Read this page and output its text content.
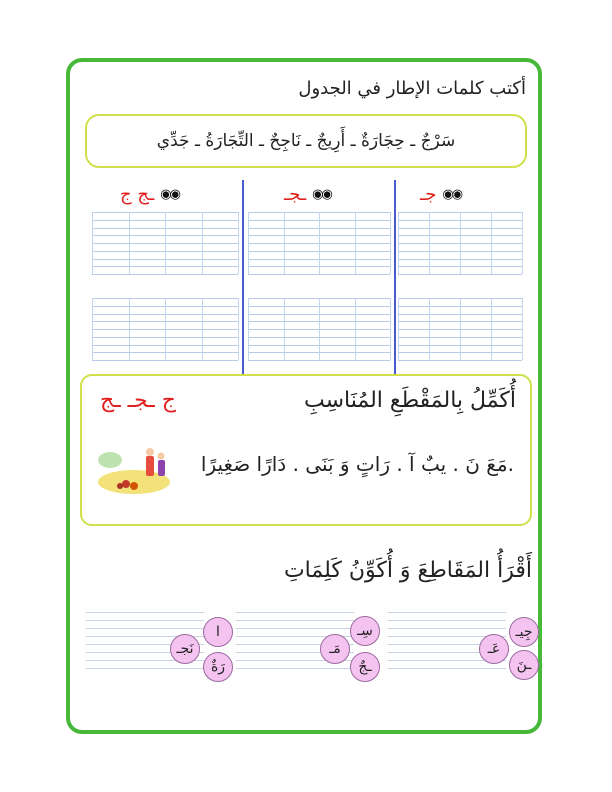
أكتب كلمات الإطار في الجدول
سَرْجٌ ـ حِجَارَةٌ ـ أَرِيجٌ ـ نَاجِحٌ ـ التِّجَارَةُ ـ جَدِّي
◉◉
جـ
◉◉
ـجـ
◉◉
ـج ج
أُكَمِّلُ بِالمَقْطَعِ المُنَاسِبِ
ج ـجـ ـج
.مَعَ نَ . يبٌ آ . رَاتٍ وَ بَنَى . دَارًا صَغِيرًا
أَقْرَأُ المَقَاطِعَ وَ أُكَوِّنُ كَلِمَاتِ
جِيـ
عَـ
ـنَ
سِـ
مَـ
ـجٌ
ا
نَجـ
رَةٌ
